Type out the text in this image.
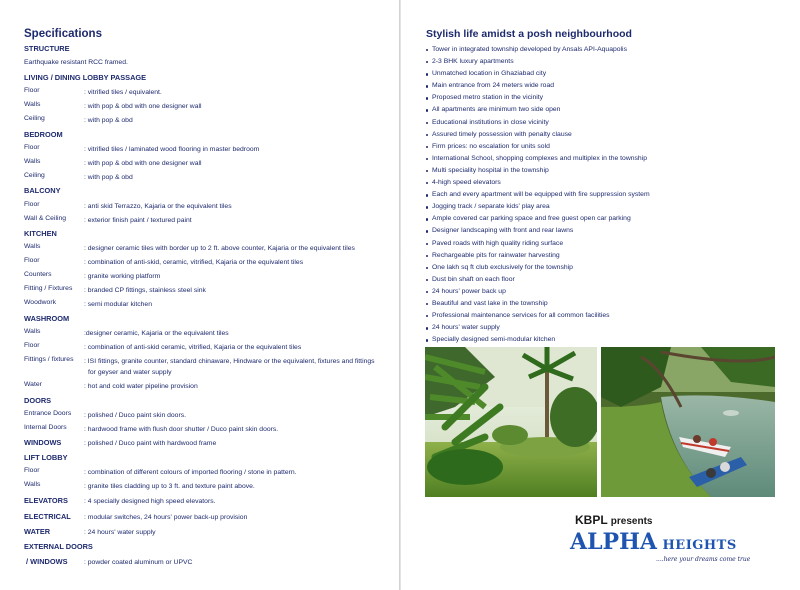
Specifications
STRUCTURE
Earthquake resistant RCC framed.
LIVING / DINING LOBBY PASSAGE
Floor	: vitrified tiles / equivalent.
Walls	: with pop & obd with one designer wall
Ceiling	: with pop & obd
BEDROOM
Floor	: vitrified tiles / laminated wood flooring in master bedroom
Walls	: with pop & obd with one designer wall
Ceiling	: with pop & obd
BALCONY
Floor	: anti skid Terrazzo, Kajaria or the equivalent tiles
Wall & Ceiling	: exterior finish paint / textured paint
KITCHEN
Walls	: designer ceramic tiles with border up to 2 ft. above counter, Kajaria or the equivalent tiles
Floor	: combination of anti-skid, ceramic, vitrified, Kajaria or the equivalent tiles
Counters	: granite working platform
Fitting / Fixtures	: branded CP fittings, stainless steel sink
Woodwork	: semi modular kitchen
WASHROOM
Walls	:designer ceramic, Kajaria or the equivalent tiles
Floor	: combination of anti-skid ceramic, vitrified, Kajaria or the equivalent tiles
Fittings / fixtures	: ISI fittings, granite counter, standard chinaware, Hindware or the equivalent, fixtures and fittings
for geyser and water supply
Water	: hot and cold water pipeline provision
DOORS
Entrance Doors	: polished / Duco paint skin doors.
Internal Doors	: hardwood frame with flush door shutter / Duco paint skin doors.
WINDOWS	: polished / Duco paint with hardwood frame
LIFT LOBBY
Floor	: combination of different colours of imported flooring / stone in pattern.
Walls	: granite tiles cladding up to 3 ft. and texture paint above.
ELEVATORS	: 4 specially designed high speed elevators.
ELECTRICAL	: modular switches, 24 hours' power back-up provision
WATER	: 24 hours' water supply
EXTERNAL DOORS
/ WINDOWS	: powder coated aluminum or UPVC
Stylish life amidst a posh neighbourhood
Tower in integrated township developed by Ansals API-Aquapolis
2-3 BHK luxury apartments
Unmatched location in Ghaziabad city
Main entrance from 24 meters wide road
Proposed metro station in the vicinity
All apartments are minimum two side open
Educational institutions in close vicinity
Assured timely possession with penalty clause
Firm prices: no escalation for units sold
International School, shopping complexes and multiplex in the township
Multi speciality hospital in the township
4-high speed elevators
Each and every apartment will be equipped with fire suppression system
Jogging track / separate kids' play area
Ample covered car parking space and free guest open car parking
Designer landscaping with front and rear lawns
Paved roads with high quality riding surface
Rechargeable pits for rainwater harvesting
One lakh sq ft club exclusively for the township
Dust bin shaft on each floor
24 hours' power back up
Beautiful and vast lake in the township
Professional maintenance services for all common facilities
24 hours' water supply
Specially designed semi-modular kitchen
KBPL presents
ALPHA HEIGHTS
....here your dreams come true
